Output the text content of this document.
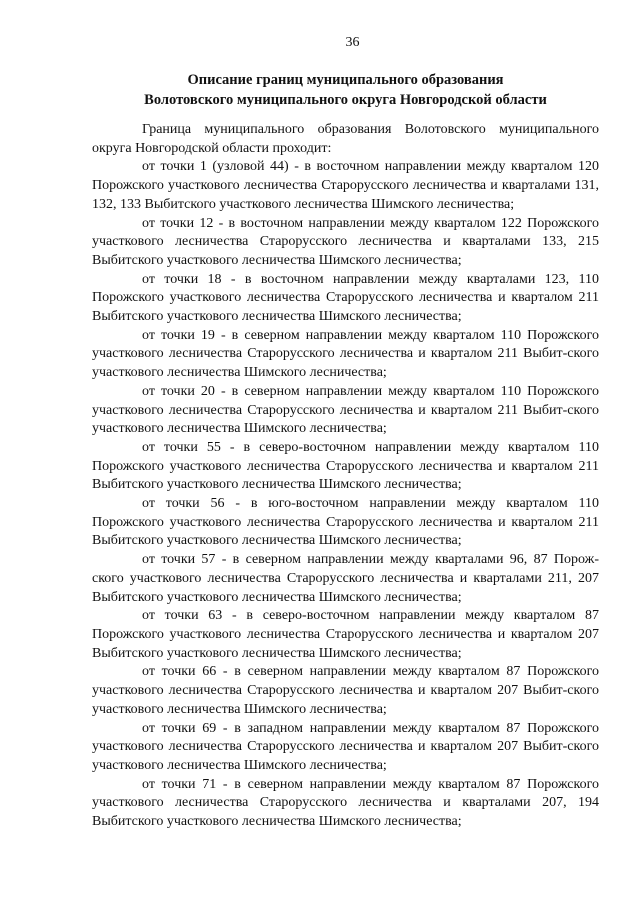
36
Описание границ муниципального образования
Волотовского муниципального округа Новгородской области

Граница муниципального образования Волотовского муниципального округа Новгородской области проходит:

от точки 1 (узловой 44) - в восточном направлении между кварталом 120 Порожского участкового лесничества Старорусского лесничества и кварталами 131, 132, 133 Выбитского участкового лесничества Шимского лесничества;

от точки 12 - в восточном направлении между кварталом 122 Порожского участкового лесничества Старорусского лесничества и кварталами 133, 215 Выбитского участкового лесничества Шимского лесничества;

от точки 18 - в восточном направлении между кварталами 123, 110 Порожского участкового лесничества Старорусского лесничества и кварталом 211 Выбитского участкового лесничества Шимского лесничества;

от точки 19 - в северном направлении между кварталом 110 Порожского участкового лесничества Старорусского лесничества и кварталом 211 Выбит-ского участкового лесничества Шимского лесничества;

от точки 20 - в северном направлении между кварталом 110 Порожского участкового лесничества Старорусского лесничества и кварталом 211 Выбит-ского участкового лесничества Шимского лесничества;

от точки 55 - в северо-восточном направлении между кварталом 110 Порожского участкового лесничества Старорусского лесничества и кварталом 211 Выбитского участкового лесничества Шимского лесничества;

от точки 56 - в юго-восточном направлении между кварталом 110 Порожского участкового лесничества Старорусского лесничества и кварталом 211 Выбитского участкового лесничества Шимского лесничества;

от точки 57 - в северном направлении между кварталами 96, 87 Порож-ского участкового лесничества Старорусского лесничества и кварталами 211, 207 Выбитского участкового лесничества Шимского лесничества;

от точки 63 - в северо-восточном направлении между кварталом 87 Порожского участкового лесничества Старорусского лесничества и кварталом 207 Выбитского участкового лесничества Шимского лесничества;

от точки 66 - в северном направлении между кварталом 87 Порожского участкового лесничества Старорусского лесничества и кварталом 207 Выбит-ского участкового лесничества Шимского лесничества;

от точки 69 - в западном направлении между кварталом 87 Порожского участкового лесничества Старорусского лесничества и кварталом 207 Выбит-ского участкового лесничества Шимского лесничества;

от точки 71 - в северном направлении между кварталом 87 Порожского участкового лесничества Старорусского лесничества и кварталами 207, 194 Выбитского участкового лесничества Шимского лесничества;
